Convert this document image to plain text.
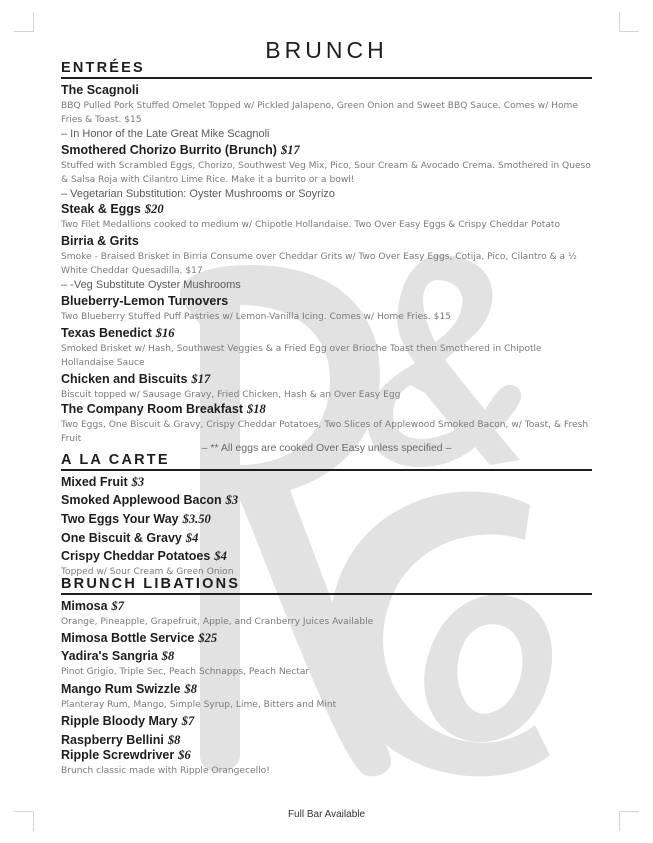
BRUNCH
ENTRÉES
The Scagnoli
BBQ Pulled Pork Stuffed Omelet Topped w/ Pickled Jalapeno, Green Onion and Sweet BBQ Sauce. Comes w/ Home Fries & Toast. $15
– In Honor of the Late Great Mike Scagnoli
Smothered Chorizo Burrito (Brunch) $17
Stuffed with Scrambled Eggs, Chorizo, Southwest Veg Mix, Pico, Sour Cream & Avocado Crema. Smothered in Queso & Salsa Roja with Cilantro Lime Rice. Make it a burrito or a bowl!
– Vegetarian Substitution: Oyster Mushrooms or Soyrizo
Steak & Eggs $20
Two Filet Medallions cooked to medium w/ Chipotle Hollandaise. Two Over Easy Eggs & Crispy Cheddar Potato
Birria & Grits
Smoke - Braised Brisket in Birria Consume over Cheddar Grits w/ Two Over Easy Eggs, Cotija, Pico, Cilantro & a ½ White Cheddar Quesadilla. $17
– -Veg Substitute Oyster Mushrooms
Blueberry-Lemon Turnovers
Two Blueberry Stuffed Puff Pastries w/ Lemon-Vanilla Icing. Comes w/ Home Fries. $15
Texas Benedict $16
Smoked Brisket w/ Hash, Southwest Veggies & a Fried Egg over Brioche Toast then Smothered in Chipotle Hollandaise Sauce
Chicken and Biscuits $17
Biscuit topped w/ Sausage Gravy, Fried Chicken, Hash & an Over Easy Egg
The Company Room Breakfast $18
Two Eggs, One Biscuit & Gravy, Crispy Cheddar Potatoes, Two Slices of Applewood Smoked Bacon, w/ Toast, & Fresh Fruit
– ** All eggs are cooked Over Easy unless specified –
A LA CARTE
Mixed Fruit $3
Smoked Applewood Bacon $3
Two Eggs Your Way $3.50
One Biscuit & Gravy $4
Crispy Cheddar Potatoes $4
Topped w/ Sour Cream & Green Onion
BRUNCH LIBATIONS
Mimosa $7
Orange, Pineapple, Grapefruit, Apple, and Cranberry Juices Available
Mimosa Bottle Service $25
Yadira's Sangria $8
Pinot Grigio, Triple Sec, Peach Schnapps, Peach Nectar
Mango Rum Swizzle $8
Planteray Rum, Mango, Simple Syrup, Lime, Bitters and Mint
Ripple Bloody Mary $7
Raspberry Bellini $8
Ripple Screwdriver $6
Brunch classic made with Ripple Orangecello!
Full Bar Available
